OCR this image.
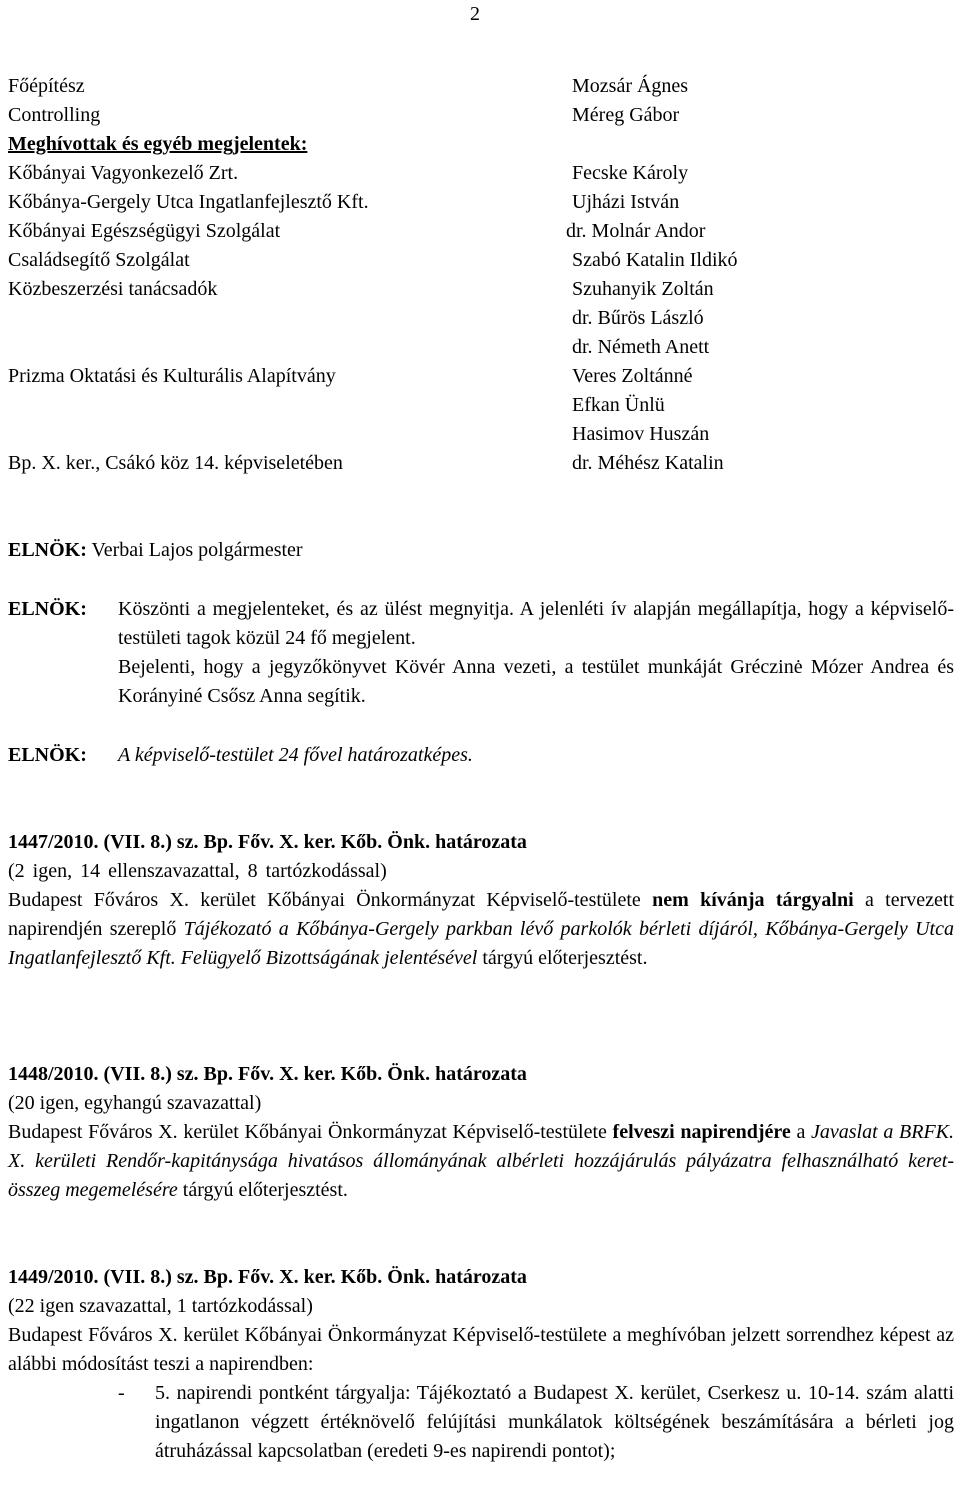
2
Főépítész
Controlling
Meghívottak és egyéb megjelentek:
Kőbányai Vagyonkezelő Zrt.
Kőbánya-Gergely Utca Ingatlanfejlesztő Kft.
Kőbányai Egészségügyi Szolgálat
Családsegítő Szolgálat
Közbeszerzési tanácsadók
Prizma Oktatási és Kulturális Alapítvány
Bp. X. ker., Csákó köz 14. képviseletében
Mozsár Ágnes
Méreg Gábor
Fecske Károly
Ujházi István
dr. Molnár Andor
Szabó Katalin Ildikó
Szuhanyik Zoltán
dr. Bűrös László
dr. Németh Anett
Veres Zoltánné
Efkan Ünlü
Hasimov Huszán
dr. Méhész Katalin
ELNÖK: Verbai Lajos polgármester
ELNÖK: Köszönti a megjelenteket, és az ülést megnyitja. A jelenléti ív alapján megállapítja, hogy a képviselő-testületi tagok közül 24 fő megjelent.
Bejelenti, hogy a jegyzőkönyvet Kövér Anna vezeti, a testület munkáját Gréczinė Mózer Andrea és Korányiné Csősz Anna segítik.
ELNÖK: A képviselő-testület 24 fővel határozatképes.
1447/2010. (VII. 8.) sz. Bp. Főv. X. ker. Kőb. Önk. határozata
(2 igen, 14 ellenszavazattal, 8 tartózkodással)

Budapest Főváros X. kerület Kőbányai Önkormányzat Képviselő-testülete nem kívánja tárgyalni a tervezett napirendjén szereplő Tájékozató a Kőbánya-Gergely parkban lévő parkolók bérleti díjáról, Kőbánya-Gergely Utca Ingatlanfejlesztő Kft. Felügyelő Bizottságának jelentésével tárgyú előterjesztést.

1448/2010. (VII. 8.) sz. Bp. Főv. X. ker. Kőb. Önk. határozata
(20 igen, egyhangú szavazattal)

Budapest Főváros X. kerület Kőbányai Önkormányzat Képviselő-testülete felveszi napirendjére a Javaslat a BRFK. X. kerületi Rendőr-kapitánysága hivatásos állományának albérleti hozzájárulás pályázatra felhasználható keret-összeg megemelésére tárgyú előterjesztést.

1449/2010. (VII. 8.) sz. Bp. Főv. X. ker. Kőb. Önk. határozata
(22 igen szavazattal, 1 tartózkodással)

Budapest Főváros X. kerület Kőbányai Önkormányzat Képviselő-testülete a meghívóban jelzett sorrendhez képest az alábbi módosítást teszi a napirendben:

- 5. napirendi pontként tárgyalja: Tájékoztató a Budapest X. kerület, Cserkesz u. 10-14. szám alatti ingatlanon végzett értéknövelő felújítási munkálatok költségének beszámítására a bérleti jog átruházással kapcsolatban (eredeti 9-es napirendi pontot);
